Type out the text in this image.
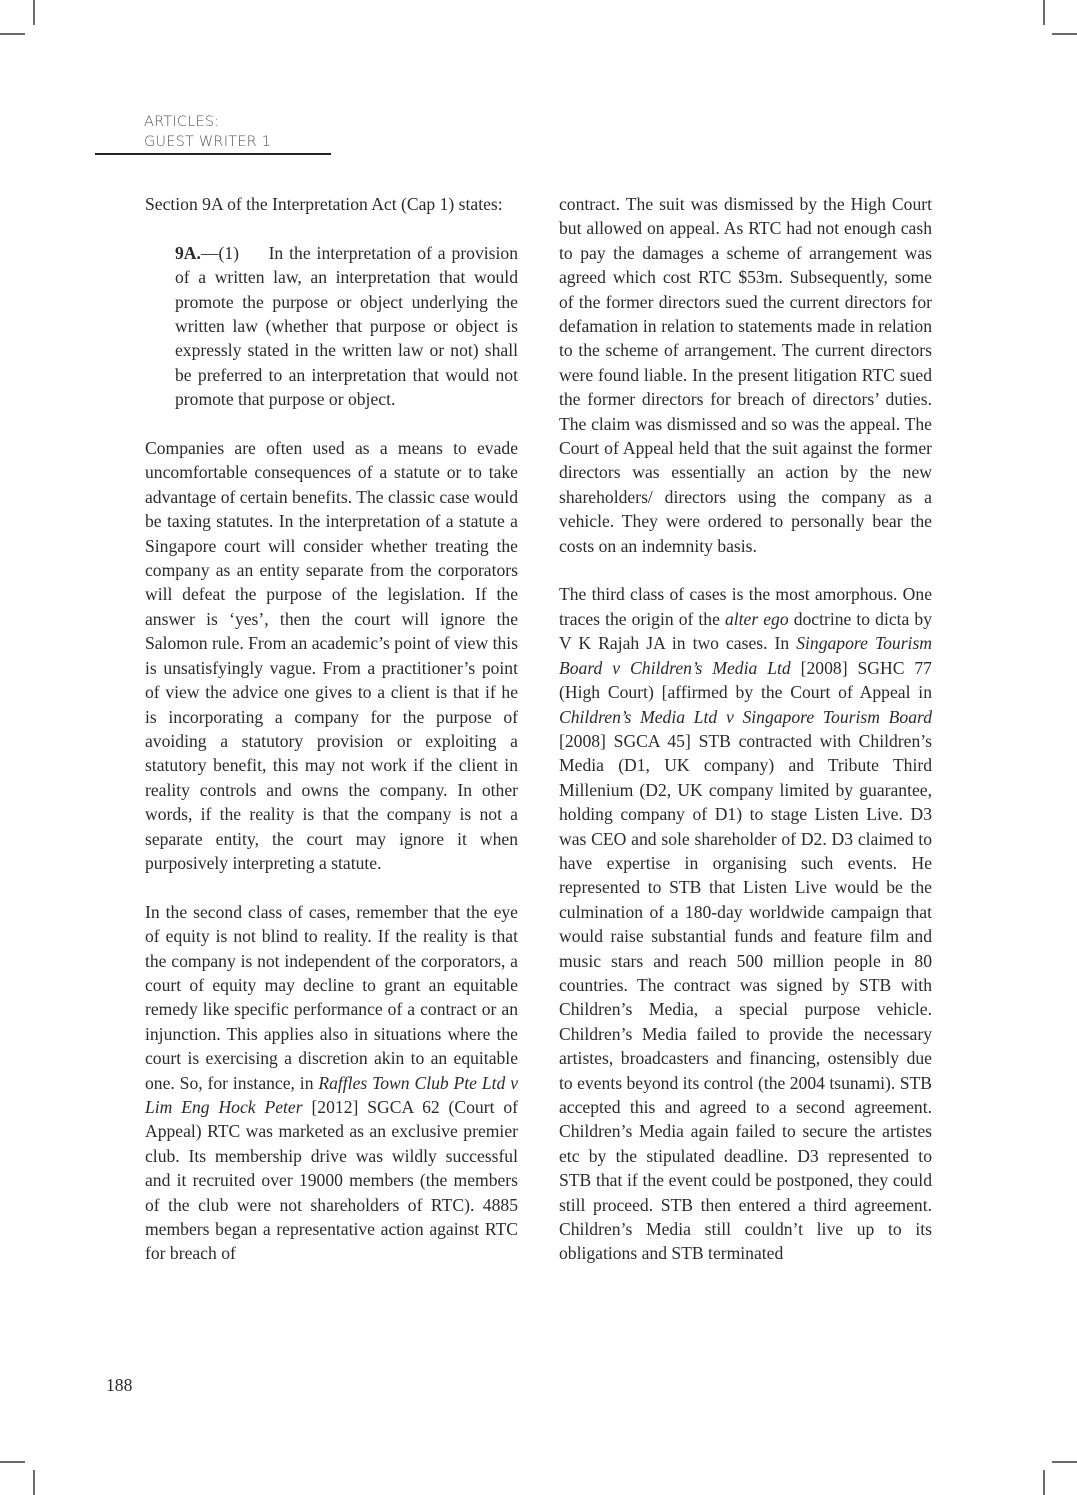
ARTICLES:
GUEST WRITER 1

Section 9A of the Interpretation Act (Cap 1) states:

9A.—(1) In the interpretation of a provision of a written law, an interpretation that would promote the purpose or object underlying the written law (whether that purpose or object is expressly stated in the written law or not) shall be preferred to an interpretation that would not promote that purpose or object.

Companies are often used as a means to evade uncomfortable consequences of a statute or to take advantage of certain benefits. The classic case would be taxing statutes. In the interpretation of a statute a Singapore court will consider whether treating the company as an entity separate from the corporators will defeat the purpose of the legislation. If the answer is ‘yes’, then the court will ignore the Salomon rule. From an academic’s point of view this is unsatisfyingly vague. From a practitioner’s point of view the advice one gives to a client is that if he is incorporating a company for the purpose of avoiding a statutory provision or exploiting a statutory benefit, this may not work if the client in reality controls and owns the company. In other words, if the reality is that the company is not a separate entity, the court may ignore it when purposively interpreting a statute.

In the second class of cases, remember that the eye of equity is not blind to reality. If the reality is that the company is not independent of the corporators, a court of equity may decline to grant an equitable remedy like specific performance of a contract or an injunction. This applies also in situations where the court is exercising a discretion akin to an equitable one. So, for instance, in Raffles Town Club Pte Ltd v Lim Eng Hock Peter [2012] SGCA 62 (Court of Appeal) RTC was marketed as an exclusive premier club. Its membership drive was wildly successful and it recruited over 19000 members (the members of the club were not shareholders of RTC). 4885 members began a representative action against RTC for breach of

contract. The suit was dismissed by the High Court but allowed on appeal. As RTC had not enough cash to pay the damages a scheme of arrangement was agreed which cost RTC $53m. Subsequently, some of the former directors sued the current directors for defamation in relation to statements made in relation to the scheme of arrangement. The current directors were found liable. In the present litigation RTC sued the former directors for breach of directors’ duties. The claim was dismissed and so was the appeal. The Court of Appeal held that the suit against the former directors was essentially an action by the new shareholders/ directors using the company as a vehicle. They were ordered to personally bear the costs on an indemnity basis.

The third class of cases is the most amorphous. One traces the origin of the alter ego doctrine to dicta by V K Rajah JA in two cases. In Singapore Tourism Board v Children’s Media Ltd [2008] SGHC 77 (High Court) [affirmed by the Court of Appeal in Children’s Media Ltd v Singapore Tourism Board [2008] SGCA 45] STB contracted with Children’s Media (D1, UK company) and Tribute Third Millenium (D2, UK company limited by guarantee, holding company of D1) to stage Listen Live. D3 was CEO and sole shareholder of D2. D3 claimed to have expertise in organising such events. He represented to STB that Listen Live would be the culmination of a 180-day worldwide campaign that would raise substantial funds and feature film and music stars and reach 500 million people in 80 countries. The contract was signed by STB with Children’s Media, a special purpose vehicle. Children’s Media failed to provide the necessary artistes, broadcasters and financing, ostensibly due to events beyond its control (the 2004 tsunami). STB accepted this and agreed to a second agreement. Children’s Media again failed to secure the artistes etc by the stipulated deadline. D3 represented to STB that if the event could be postponed, they could still proceed. STB then entered a third agreement. Children’s Media still couldn’t live up to its obligations and STB terminated

188
